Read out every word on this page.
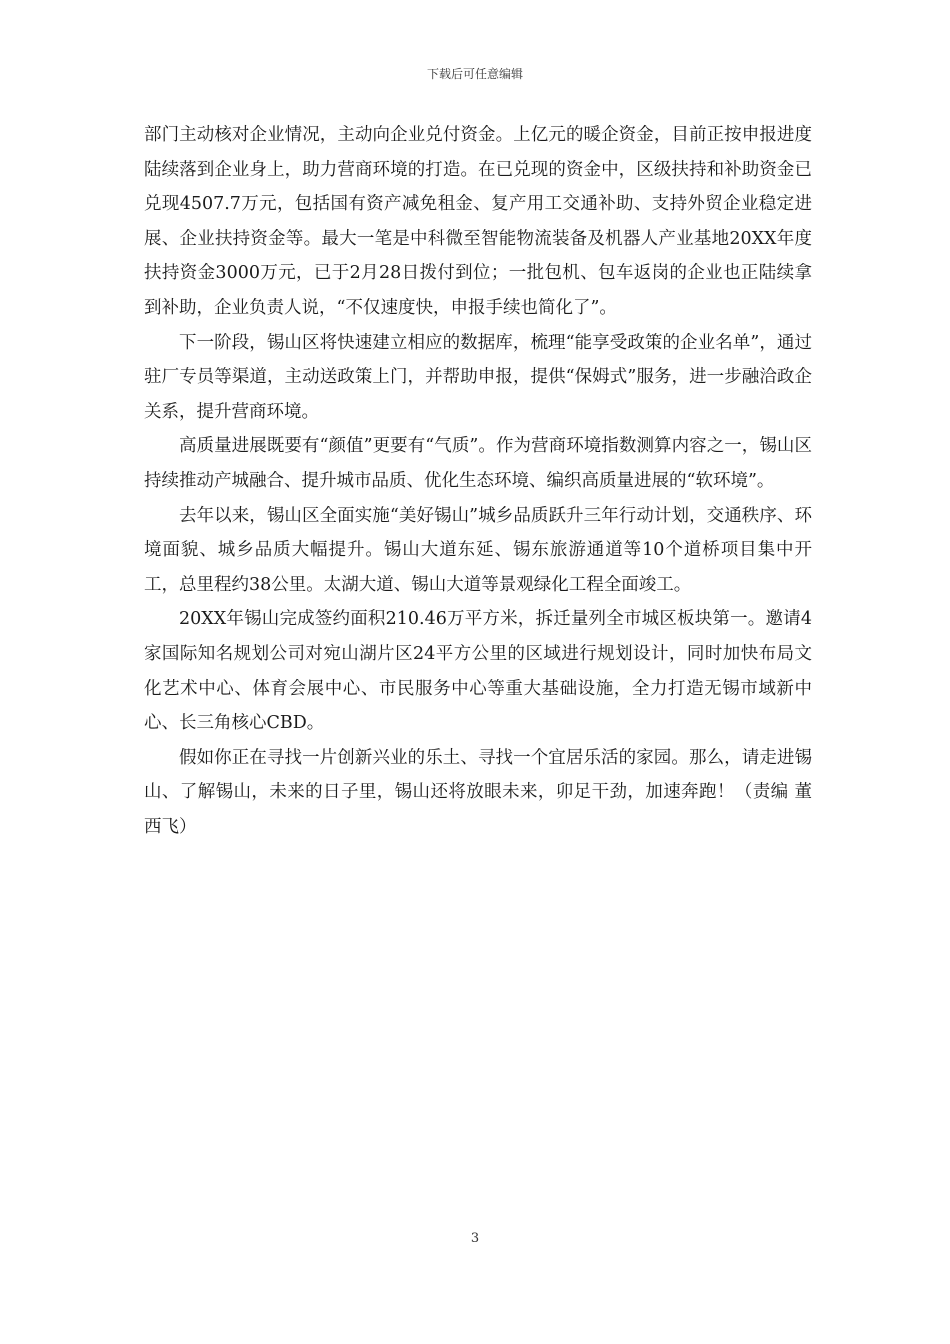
下载后可任意编辑

部门主动核对企业情况，主动向企业兑付资金。上亿元的暖企资金，目前正按申报进度陆续落到企业身上，助力营商环境的打造。在已兑现的资金中，区级扶持和补助资金已兑现4507.7万元，包括国有资产减免租金、复产用工交通补助、支持外贸企业稳定进展、企业扶持资金等。最大一笔是中科微至智能物流装备及机器人产业基地20XX年度扶持资金3000万元，已于2月28日拨付到位；一批包机、包车返岗的企业也正陆续拿到补助，企业负责人说，“不仅速度快，申报手续也简化了”。

下一阶段，锡山区将快速建立相应的数据库，梳理“能享受政策的企业名单”，通过驻厂专员等渠道，主动送政策上门，并帮助申报，提供“保姆式”服务，进一步融洽政企关系，提升营商环境。

高质量进展既要有“颜值”更要有“气质”。作为营商环境指数测算内容之一，锡山区持续推动产城融合、提升城市品质、优化生态环境、编织高质量进展的“软环境”。

去年以来，锡山区全面实施“美好锡山”城乡品质跃升三年行动计划，交通秩序、环境面貌、城乡品质大幅提升。锡山大道东延、锡东旅游通道等10个道桥项目集中开工，总里程约38公里。太湖大道、锡山大道等景观绿化工程全面竣工。

20XX年锡山完成签约面积210.46万平方米，拆迁量列全市城区板块第一。邀请4家国际知名规划公司对宛山湖片区24平方公里的区域进行规划设计，同时加快布局文化艺术中心、体育会展中心、市民服务中心等重大基础设施，全力打造无锡市域新中心、长三角核心CBD。

假如你正在寻找一片创新兴业的乐土、寻找一个宜居乐活的家园。那么，请走进锡山、了解锡山，未来的日子里，锡山还将放眼未来，卯足干劲，加速奔跑！（责编 董西飞）

3
